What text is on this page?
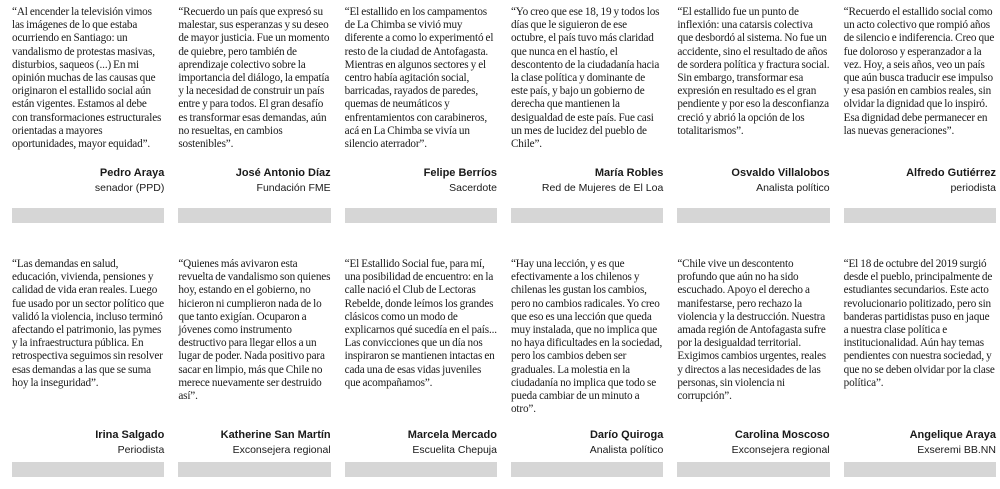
“Al encender la televisión vimos las imágenes de lo que estaba ocurriendo en Santiago: un vandalismo de protestas masivas, disturbios, saqueos (...) En mi opinión muchas de las causas que originaron el estallido social aún están vigentes. Estamos al debe con transformaciones estructurales orientadas a mayores oportunidades, mayor equidad”.

Pedro Araya
senador (PPD)

“Recuerdo un país que expresó su malestar, sus esperanzas y su deseo de mayor justicia. Fue un momento de quiebre, pero también de aprendizaje colectivo sobre la importancia del diálogo, la empatía y la necesidad de construir un país entre y para todos. El gran desafío es transformar esas demandas, aún no resueltas, en cambios sostenibles”.

José Antonio Díaz
Fundación FME

“El estallido en los campamentos de La Chimba se vivió muy diferente a como lo experimentó el resto de la ciudad de Antofagasta. Mientras en algunos sectores y el centro había agitación social, barricadas, rayados de paredes, quemas de neumáticos y enfrentamientos con carabineros, acá en La Chimba se vivía un silencio aterrador”.

Felipe Berríos
Sacerdote

“Yo creo que ese 18, 19 y todos los días que le siguieron de ese octubre, el país tuvo más claridad que nunca en el hastío, el descontento de la ciudadanía hacia la clase política y dominante de este país, y bajo un gobierno de derecha que mantienen la desigualdad de este país. Fue casi un mes de lucidez del pueblo de Chile”.

María Robles
Red de Mujeres de El Loa

“El estallido fue un punto de inflexión: una catarsis colectiva que desbordó al sistema. No fue un accidente, sino el resultado de años de sordera política y fractura social. Sin embargo, transformar esa expresión en resultado es el gran pendiente y por eso la desconfianza creció y abrió la opción de los totalitarismos”.

Osvaldo Villalobos
Analista político

“Recuerdo el estallido social como un acto colectivo que rompió años de silencio e indiferencia. Creo que fue doloroso y esperanzador a la vez. Hoy, a seis años, veo un país que aún busca traducir ese impulso y esa pasión en cambios reales, sin olvidar la dignidad que lo inspiró. Esa dignidad debe permanecer en las nuevas generaciones”.

Alfredo Gutiérrez
periodista

“Las demandas en salud, educación, vivienda, pensiones y calidad de vida eran reales. Luego fue usado por un sector político que validó la violencia, incluso terminó afectando el patrimonio, las pymes y la infraestructura pública. En retrospectiva seguimos sin resolver esas demandas a las que se suma hoy la inseguridad”.

Irina Salgado
Periodista

“Quienes más avivaron esta revuelta de vandalismo son quienes hoy, estando en el gobierno, no hicieron ni cumplieron nada de lo que tanto exigían. Ocuparon a jóvenes como instrumento destructivo para llegar ellos a un lugar de poder. Nada positivo para sacar en limpio, más que Chile no merece nuevamente ser destruido así”.

Katherine San Martín
Exconsejera regional

“El Estallido Social fue, para mí, una posibilidad de encuentro: en la calle nació el Club de Lectoras Rebelde, donde leímos los grandes clásicos como un modo de explicarnos qué sucedía en el país... Las convicciones que un día nos inspiraron se mantienen intactas en cada una de esas vidas juveniles que acompañamos”.

Marcela Mercado
Escuelita Chepuja

“Hay una lección, y es que efectivamente a los chilenos y chilenas les gustan los cambios, pero no cambios radicales. Yo creo que eso es una lección que queda muy instalada, que no implica que no haya dificultades en la sociedad, pero los cambios deben ser graduales. La molestia en la ciudadanía no implica que todo se pueda cambiar de un minuto a otro”.

Darío Quiroga
Analista político

“Chile vive un descontento profundo que aún no ha sido escuchado. Apoyo el derecho a manifestarse, pero rechazo la violencia y la destrucción. Nuestra amada región de Antofagasta sufre por la desigualdad territorial. Exigimos cambios urgentes, reales y directos a las necesidades de las personas, sin violencia ni corrupción”.

Carolina Moscoso
Exconsejera regional

“El 18 de octubre del 2019 surgió desde el pueblo, principalmente de estudiantes secundarios. Este acto revolucionario politizado, pero sin banderas partidistas puso en jaque a nuestra clase política e institucionalidad. Aún hay temas pendientes con nuestra sociedad, y que no se deben olvidar por la clase política”.

Angelique Araya
Exseremi BB.NN
